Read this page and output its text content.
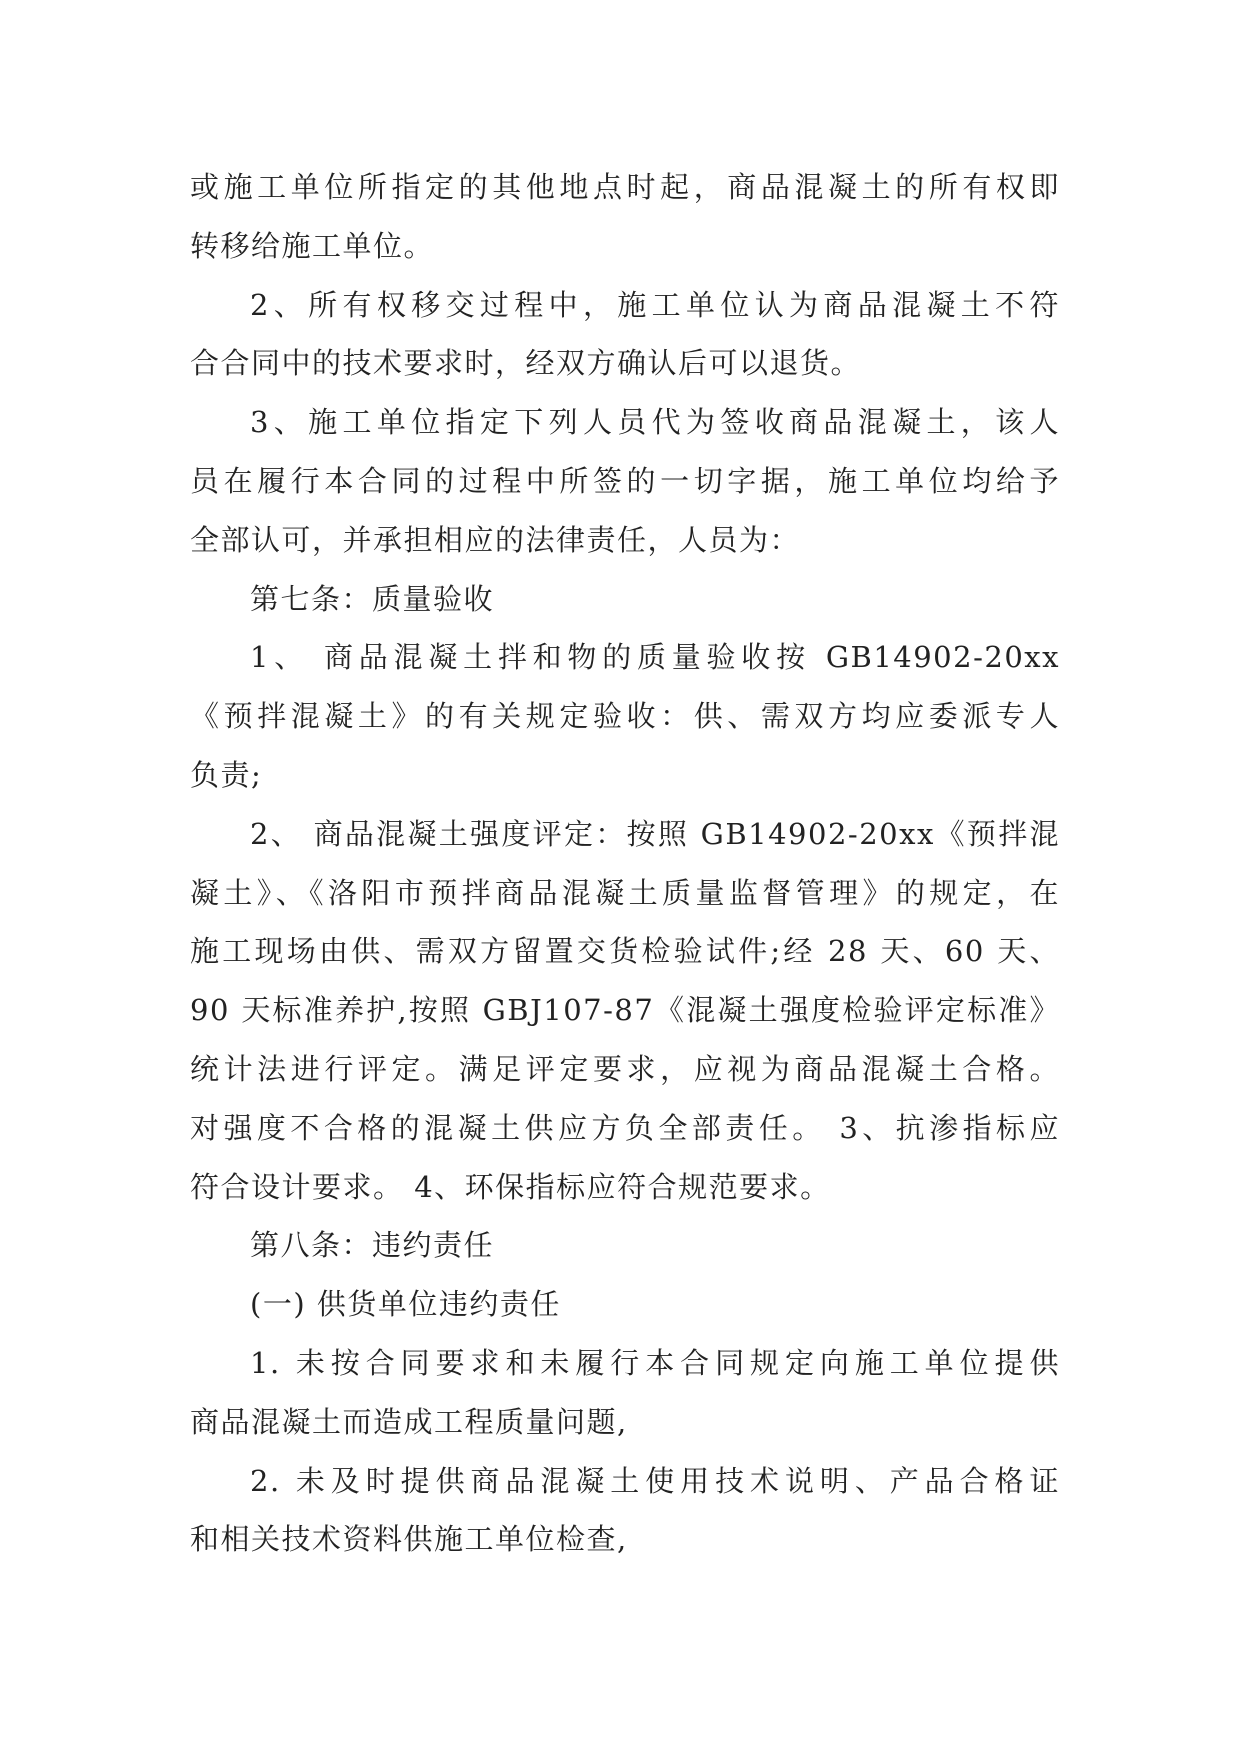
或施工单位所指定的其他地点时起，商品混凝土的所有权即
转移给施工单位。
2、所有权移交过程中，施工单位认为商品混凝土不符
合合同中的技术要求时，经双方确认后可以退货。
3、施工单位指定下列人员代为签收商品混凝土，该人
员在履行本合同的过程中所签的一切字据，施工单位均给予
全部认可，并承担相应的法律责任，人员为：
第七条：质量验收
1、 商品混凝土拌和物的质量验收按 GB14902-20xx
《预拌混凝土》的有关规定验收：供、需双方均应委派专人
负责;
2、 商品混凝土强度评定：按照 GB14902-20xx《预拌混
凝土》、《洛阳市预拌商品混凝土质量监督管理》的规定，在
施工现场由供、需双方留置交货检验试件;经 28 天、60 天、
90 天标准养护,按照 GBJ107-87《混凝土强度检验评定标准》
统计法进行评定。满足评定要求，应视为商品混凝土合格。
对强度不合格的混凝土供应方负全部责任。 3、抗渗指标应
符合设计要求。 4、环保指标应符合规范要求。
第八条：违约责任
(一) 供货单位违约责任
1. 未按合同要求和未履行本合同规定向施工单位提供
商品混凝土而造成工程质量问题,
2. 未及时提供商品混凝土使用技术说明、产品合格证
和相关技术资料供施工单位检查,
